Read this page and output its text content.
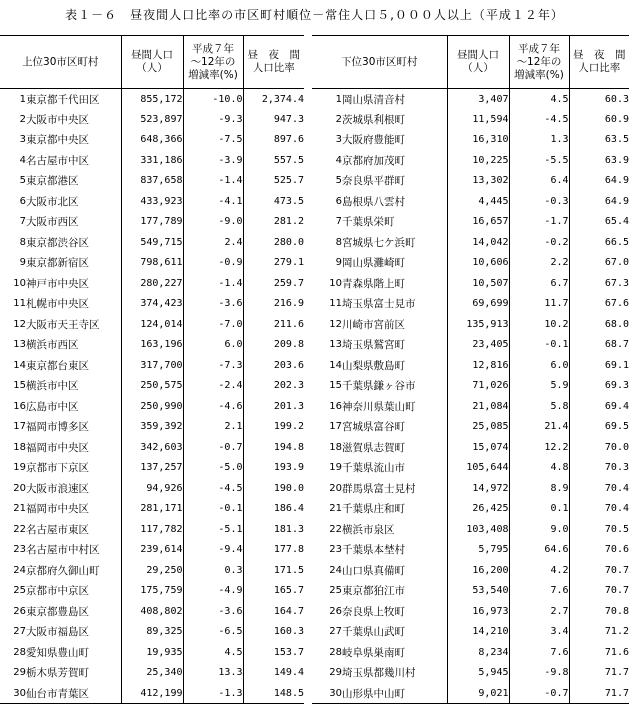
表１－６　昼夜間人口比率の市区町村順位－常住人口５,０００人以上（平成１２年）
上位30市区町村		昼間人口
（人）	平成７年
～12年の
増減率(%)	昼　夜　間
人口比率

1	東京都千代田区	855,172	-10.0	2,374.4
2	大阪市中央区	523,897	-9.3	947.3
3	東京都中央区	648,366	-7.5	897.6
4	名古屋市中区	331,186	-3.9	557.5
5	東京都港区	837,658	-1.4	525.7
6	大阪市北区	433,923	-4.1	473.5
7	大阪市西区	177,789	-9.0	281.2
8	東京都渋谷区	549,715	2.4	280.0
9	東京都新宿区	798,611	-0.9	279.1
10	神戸市中央区	280,227	-1.4	259.7
11	札幌市中央区	374,423	-3.6	216.9
12	大阪市天王寺区	124,014	-7.0	211.6
13	横浜市西区	163,196	6.0	209.8
14	東京都台東区	317,700	-7.3	203.6
15	横浜市中区	250,575	-2.4	202.3
16	広島市中区	250,990	-4.6	201.3
17	福岡市博多区	359,392	2.1	199.2
18	福岡市中央区	342,603	-0.7	194.8
19	京都市下京区	137,257	-5.0	193.9
20	大阪市浪速区	94,926	-4.5	190.0
21	福岡市中央区	281,171	-0.1	186.4
22	名古屋市東区	117,782	-5.1	181.3
23	名古屋市中村区	239,614	-9.4	177.8
24	京都府久御山町	29,250	0.3	171.5
25	京都市中京区	175,759	-4.9	165.7
26	東京都豊島区	408,802	-3.6	164.7
27	大阪市福島区	89,325	-6.5	160.3
28	愛知県豊山町	19,935	4.5	153.7
29	栃木県芳賀町	25,340	13.3	149.4
30	仙台市青葉区	412,199	-1.3	148.5
下位30市区町村		昼間人口
（人）	平成７年
～12年の
増減率(%)	昼　夜　間
人口比率

1	岡山県清音村	3,407	4.5	60.3
2	茨城県利根町	11,594	-4.5	60.9
3	大阪府豊能町	16,310	1.3	63.5
4	京都府加茂町	10,225	-5.5	63.9
5	奈良県平群町	13,302	6.4	64.9
6	島根県八雲村	4,445	-0.3	64.9
7	千葉県栄町	16,657	-1.7	65.4
8	宮城県七ケ浜町	14,042	-0.2	66.5
9	岡山県灘崎町	10,606	2.2	67.0
10	青森県階上町	10,507	6.7	67.3
11	埼玉県富士見市	69,699	11.7	67.6
12	川崎市宮前区	135,913	10.2	68.0
13	埼玉県鷲宮町	23,405	-0.1	68.7
14	山梨県敷島町	12,816	6.0	69.1
15	千葉県鎌ヶ谷市	71,026	5.9	69.3
16	神奈川県葉山町	21,084	5.8	69.4
17	宮城県富谷町	25,085	21.4	69.5
18	滋賀県志賀町	15,074	12.2	70.0
19	千葉県流山市	105,644	4.8	70.3
20	群馬県富士見村	14,972	8.9	70.4
21	千葉県庄和町	26,425	0.1	70.4
22	横浜市泉区	103,408	9.0	70.5
23	千葉県本埜村	5,795	64.6	70.6
24	山口県真備町	16,200	4.2	70.7
25	東京都狛江市	53,540	7.6	70.7
26	奈良県上牧町	16,973	2.7	70.8
27	千葉県山武町	14,210	3.4	71.2
28	岐阜県巣南町	8,234	7.6	71.6
29	埼玉県都幾川村	5,945	-9.8	71.7
30	山形県中山町	9,021	-0.7	71.7
